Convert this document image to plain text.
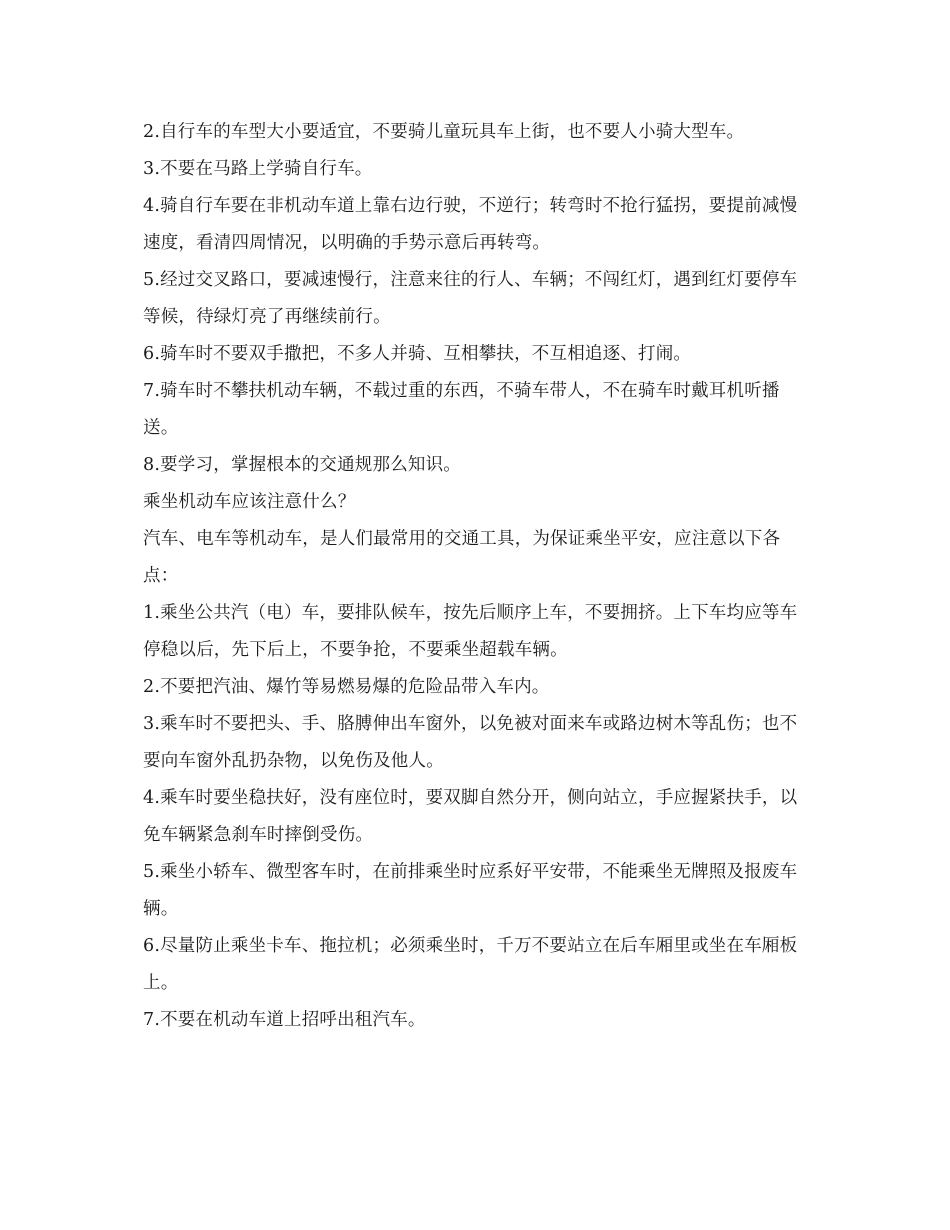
2.自行车的车型大小要适宜，不要骑儿童玩具车上街，也不要人小骑大型车。

3.不要在马路上学骑自行车。

4.骑自行车要在非机动车道上靠右边行驶，不逆行；转弯时不抢行猛拐，要提前减慢速度，看清四周情况，以明确的手势示意后再转弯。

5.经过交叉路口，要减速慢行，注意来往的行人、车辆；不闯红灯，遇到红灯要停车等候，待绿灯亮了再继续前行。

6.骑车时不要双手撒把，不多人并骑、互相攀扶，不互相追逐、打闹。

7.骑车时不攀扶机动车辆，不载过重的东西，不骑车带人，不在骑车时戴耳机听播送。

8.要学习，掌握根本的交通规那么知识。

乘坐机动车应该注意什么？

汽车、电车等机动车，是人们最常用的交通工具，为保证乘坐平安，应注意以下各点：

1.乘坐公共汽（电）车，要排队候车，按先后顺序上车，不要拥挤。上下车均应等车停稳以后，先下后上，不要争抢，不要乘坐超载车辆。

2.不要把汽油、爆竹等易燃易爆的危险品带入车内。

3.乘车时不要把头、手、胳膊伸出车窗外，以免被对面来车或路边树木等乱伤；也不要向车窗外乱扔杂物，以免伤及他人。

4.乘车时要坐稳扶好，没有座位时，要双脚自然分开，侧向站立，手应握紧扶手，以免车辆紧急刹车时摔倒受伤。

5.乘坐小轿车、微型客车时，在前排乘坐时应系好平安带，不能乘坐无牌照及报废车辆。

6.尽量防止乘坐卡车、拖拉机；必须乘坐时，千万不要站立在后车厢里或坐在车厢板上。

7.不要在机动车道上招呼出租汽车。
